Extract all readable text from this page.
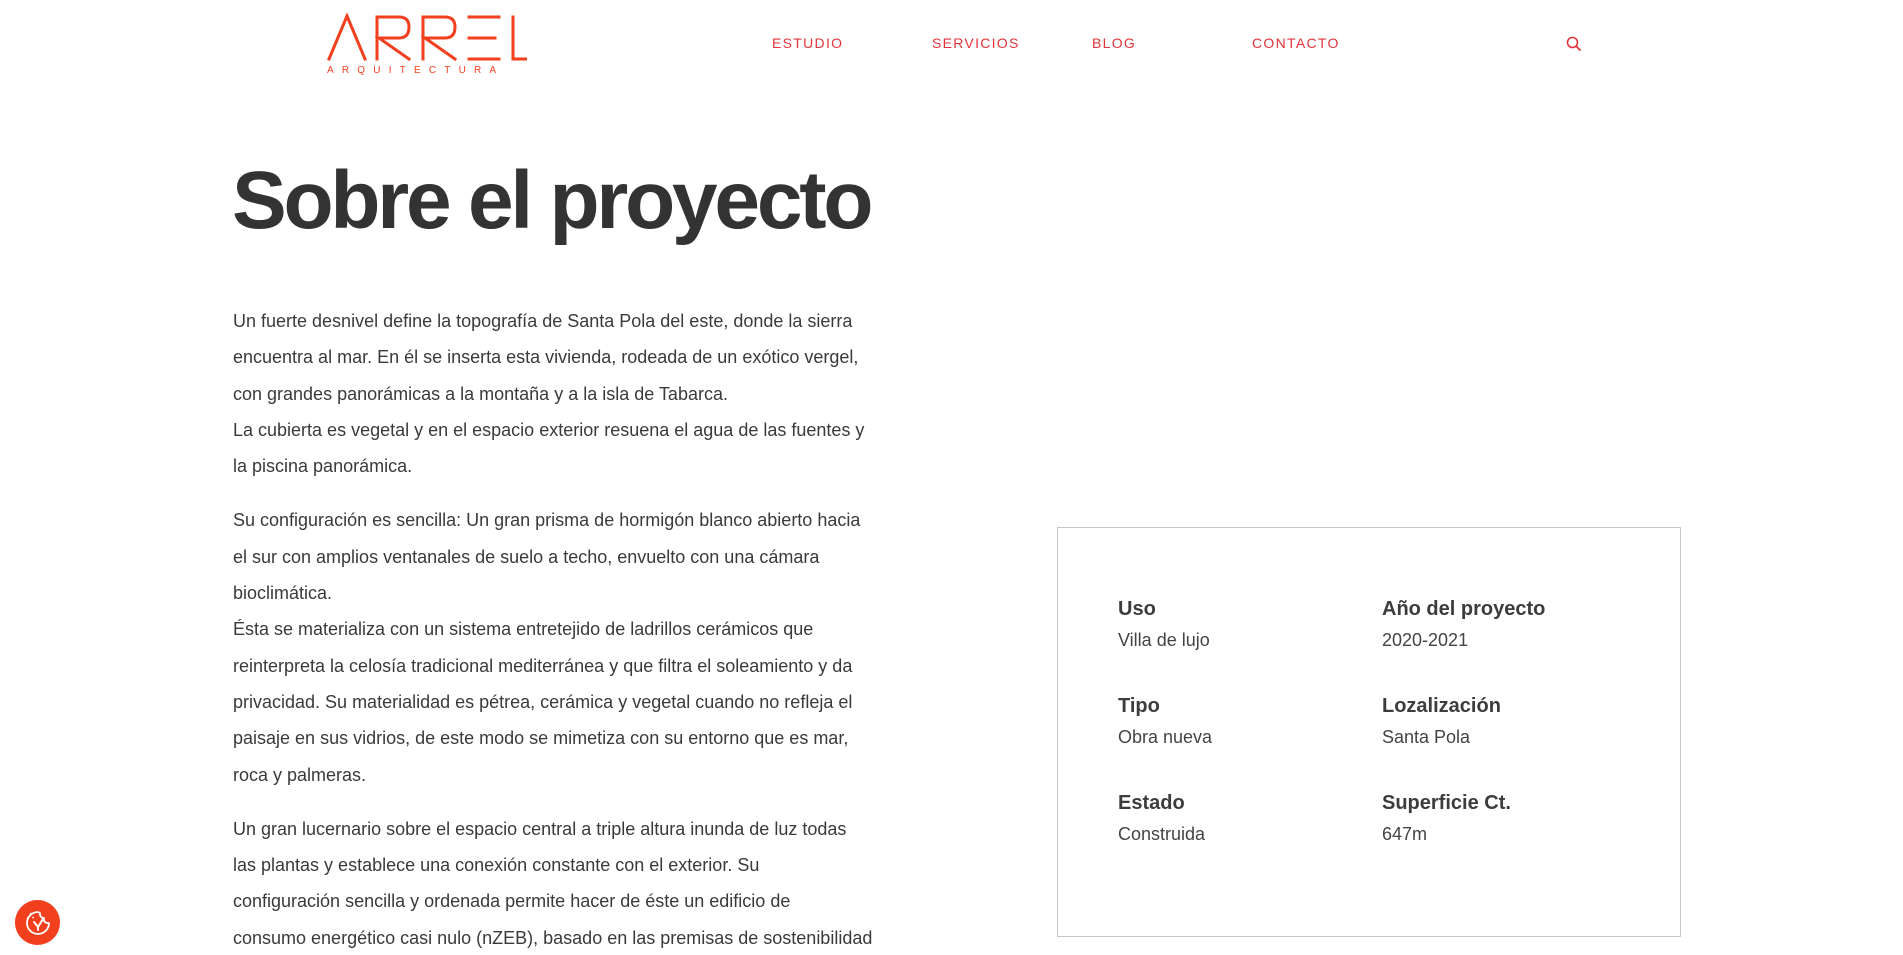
ARQUITECTURA
ESTUDIO	SERVICIOS	BLOG	CONTACTO
Sobre el proyecto

Un fuerte desnivel define la topografía de Santa Pola del este, donde la sierra
encuentra al mar. En él se inserta esta vivienda, rodeada de un exótico vergel,
con grandes panorámicas a la montaña y a la isla de Tabarca.
La cubierta es vegetal y en el espacio exterior resuena el agua de las fuentes y
la piscina panorámica.

Su configuración es sencilla: Un gran prisma de hormigón blanco abierto hacia
el sur con amplios ventanales de suelo a techo, envuelto con una cámara
bioclimática.
Ésta se materializa con un sistema entretejido de ladrillos cerámicos que
reinterpreta la celosía tradicional mediterránea y que filtra el soleamiento y da
privacidad. Su materialidad es pétrea, cerámica y vegetal cuando no refleja el
paisaje en sus vidrios, de este modo se mimetiza con su entorno que es mar,
roca y palmeras.

Un gran lucernario sobre el espacio central a triple altura inunda de luz todas
las plantas y establece una conexión constante con el exterior. Su
configuración sencilla y ordenada permite hacer de éste un edificio de
consumo energético casi nulo (nZEB), basado en las premisas de sostenibilidad

Uso
Villa de lujo
Año del proyecto
2020-2021
Tipo
Obra nueva
Lozalización
Santa Pola
Estado
Construida
Superficie Ct.
647m
